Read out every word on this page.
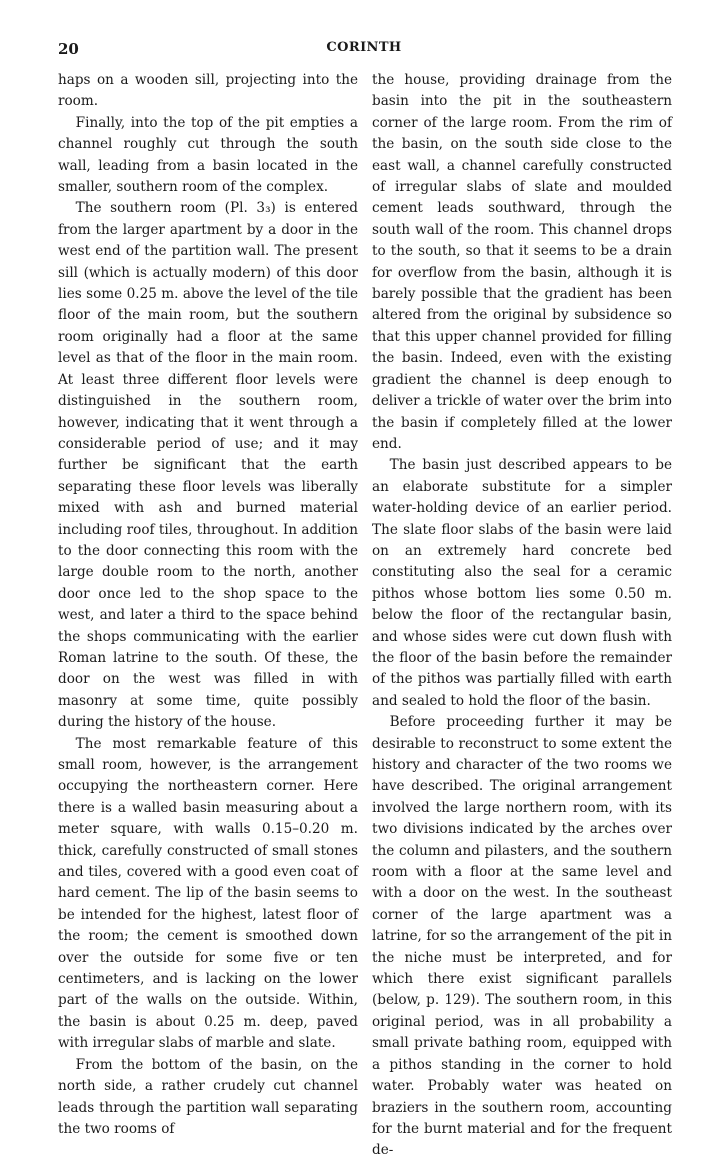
20	CORINTH

haps on a wooden sill, projecting into the room.

Finally, into the top of the pit empties a channel roughly cut through the south wall, leading from a basin located in the smaller, southern room of the complex.

The southern room (Pl. 3₃) is entered from the larger apartment by a door in the west end of the partition wall. The present sill (which is actually modern) of this door lies some 0.25 m. above the level of the tile floor of the main room, but the southern room originally had a floor at the same level as that of the floor in the main room. At least three different floor levels were distinguished in the southern room, however, indicating that it went through a considerable period of use; and it may further be significant that the earth separating these floor levels was liberally mixed with ash and burned material including roof tiles, throughout. In addition to the door connecting this room with the large double room to the north, another door once led to the shop space to the west, and later a third to the space behind the shops communicating with the earlier Roman latrine to the south. Of these, the door on the west was filled in with masonry at some time, quite possibly during the history of the house.

The most remarkable feature of this small room, however, is the arrangement occupying the northeastern corner. Here there is a walled basin measuring about a meter square, with walls 0.15–0.20 m. thick, carefully constructed of small stones and tiles, covered with a good even coat of hard cement. The lip of the basin seems to be intended for the highest, latest floor of the room; the cement is smoothed down over the outside for some five or ten centimeters, and is lacking on the lower part of the walls on the outside. Within, the basin is about 0.25 m. deep, paved with irregular slabs of marble and slate.

From the bottom of the basin, on the north side, a rather crudely cut channel leads through the partition wall separating the two rooms of

the house, providing drainage from the basin into the pit in the southeastern corner of the large room. From the rim of the basin, on the south side close to the east wall, a channel carefully constructed of irregular slabs of slate and moulded cement leads southward, through the south wall of the room. This channel drops to the south, so that it seems to be a drain for overflow from the basin, although it is barely possible that the gradient has been altered from the original by subsidence so that this upper channel provided for filling the basin. Indeed, even with the existing gradient the channel is deep enough to deliver a trickle of water over the brim into the basin if completely filled at the lower end.

The basin just described appears to be an elaborate substitute for a simpler water-holding device of an earlier period. The slate floor slabs of the basin were laid on an extremely hard concrete bed constituting also the seal for a ceramic pithos whose bottom lies some 0.50 m. below the floor of the rectangular basin, and whose sides were cut down flush with the floor of the basin before the remainder of the pithos was partially filled with earth and sealed to hold the floor of the basin.

Before proceeding further it may be desirable to reconstruct to some extent the history and character of the two rooms we have described. The original arrangement involved the large northern room, with its two divisions indicated by the arches over the column and pilasters, and the southern room with a floor at the same level and with a door on the west. In the southeast corner of the large apartment was a latrine, for so the arrangement of the pit in the niche must be interpreted, and for which there exist significant parallels (below, p. 129). The southern room, in this original period, was in all probability a small private bathing room, equipped with a pithos standing in the corner to hold water. Probably water was heated on braziers in the southern room, accounting for the burnt material and for the frequent de-
